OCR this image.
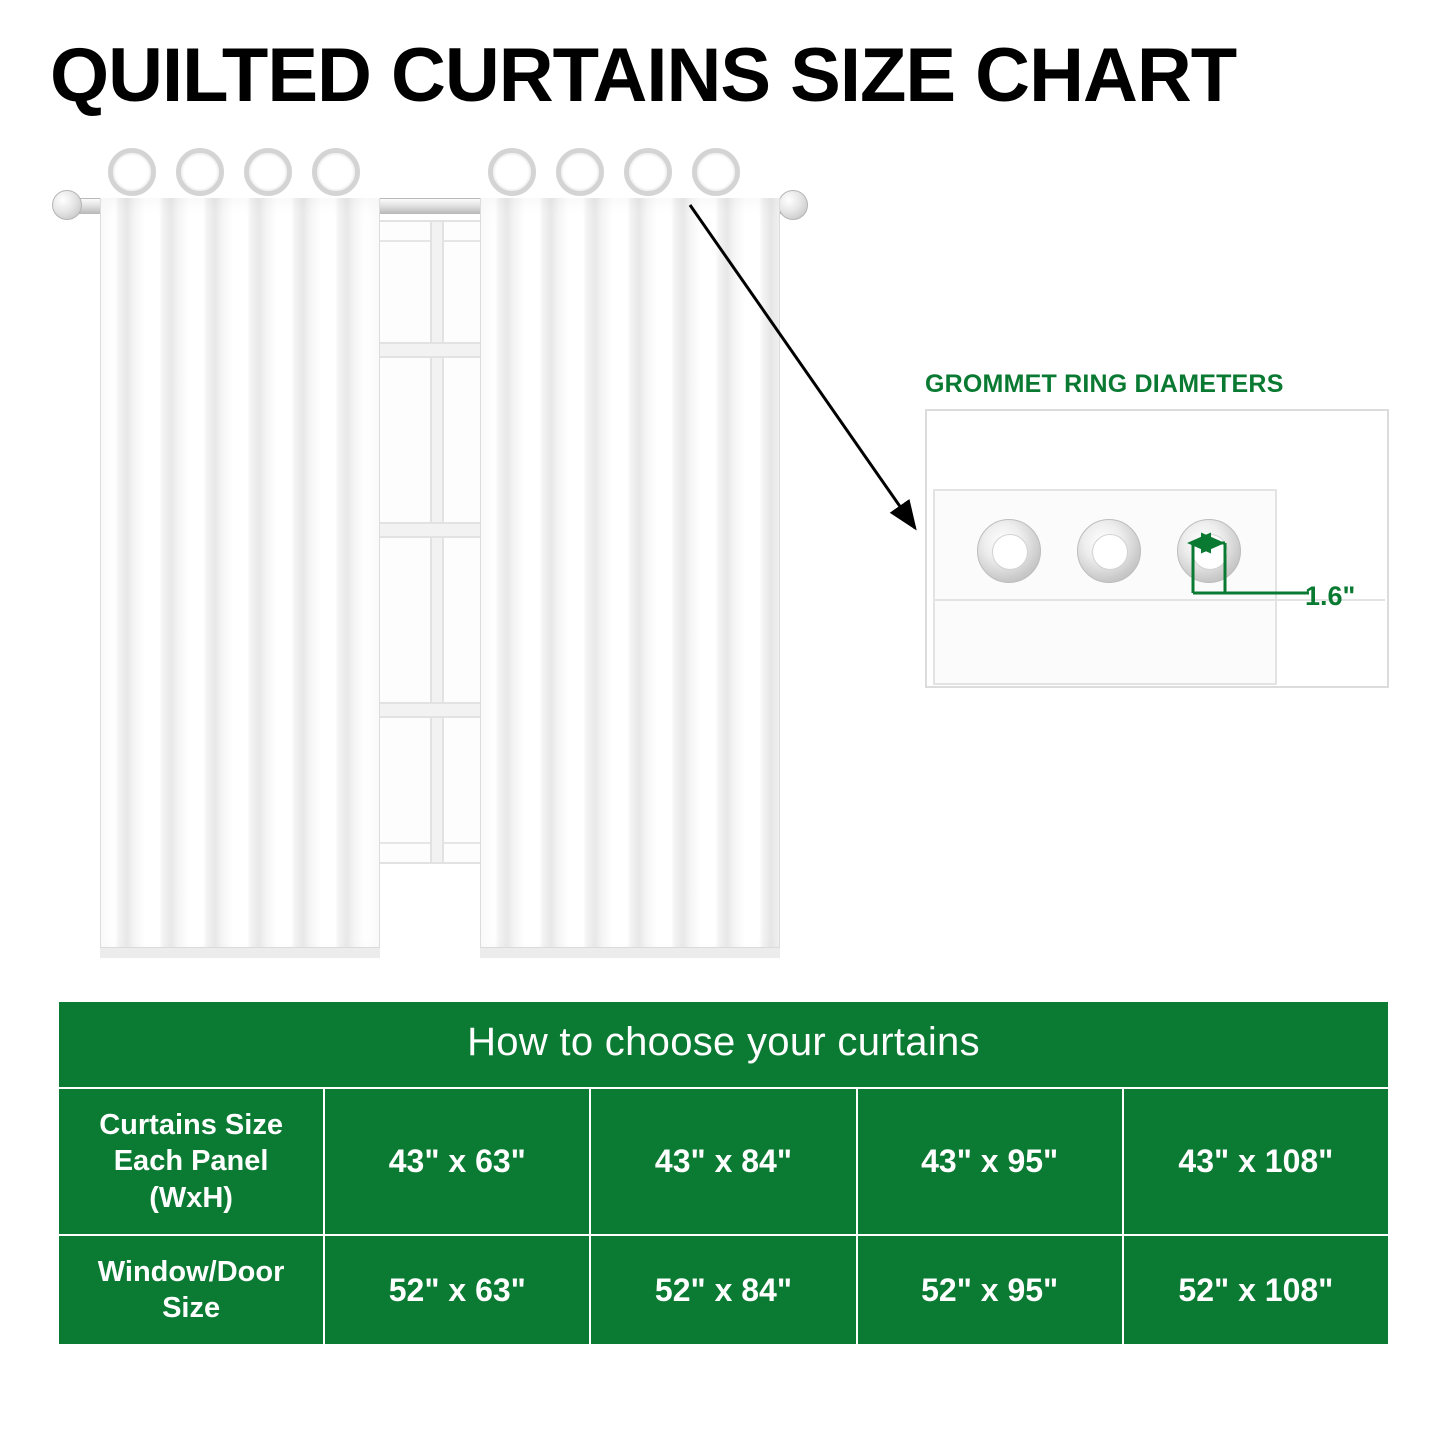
QUILTED CURTAINS SIZE CHART
GROMMET RING DIAMETERS
1.6"
How to choose your curtains				
Curtains Size
Each Panel
(WxH)	43" x 63"	43" x 84"	43" x 95"	43" x 108"
Window/Door
Size	52" x 63"	52" x 84"	52" x 95"	52" x 108"
